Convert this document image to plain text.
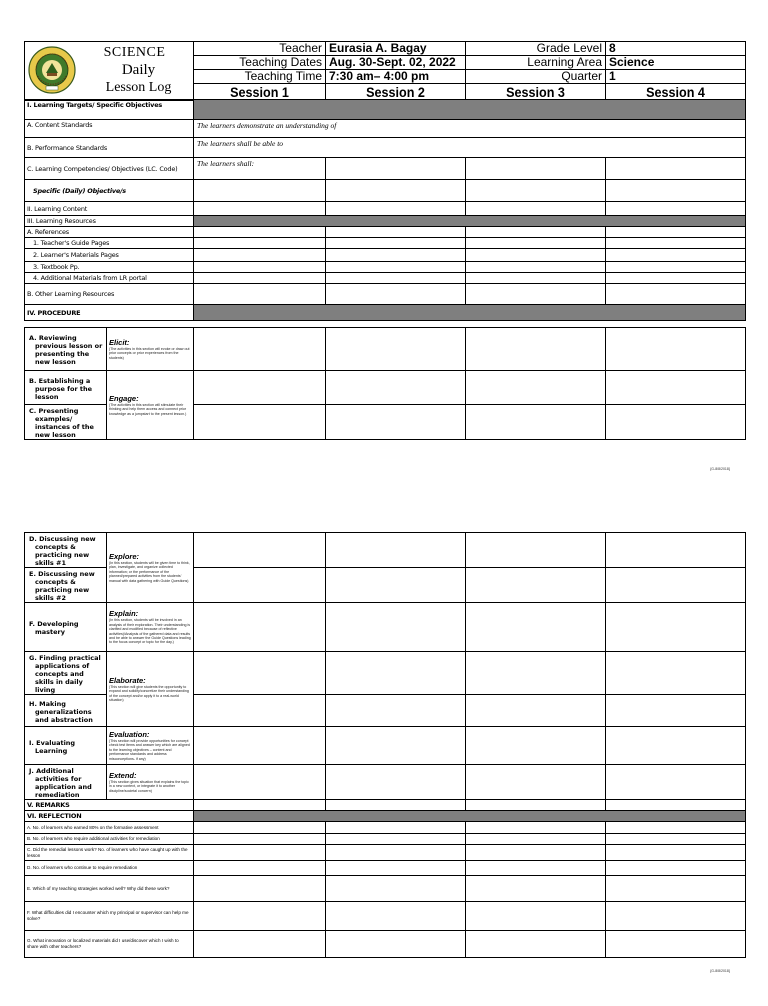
SCIENCE
Daily
Lesson Log	Teacher	Eurasia A. Bagay	Grade Level	8
	Teaching Dates	Aug. 30-Sept. 02, 2022	Learning Area	Science
	Teaching Time	7:30 am– 4:00 pm	Quarter	1

	Session 1	Session 2	Session 3	Session 4
I. Learning Targets/ Specific Objectives				
A. Content Standards	The learners demonstrate an understanding of			
B. Performance Standards	The learners shall be able to			
C. Learning Competencies/ Objectives (LC. Code)	The learners shall:			
Specific (Daily) Objective/s				
II. Learning Content				
III. Learning Resources				
A. References				
1. Teacher's Guide Pages				
2. Learner's Materials Pages				
3. Textbook Pp.				
4. Additional Materials from LR portal				
B. Other Learning Resources				
IV. PROCEDURE				
A. Reviewing previous lesson or presenting the new lesson	Elicit:
(The activities in this section will evoke or draw out prior concepts or prior experiences from the students)				

B. Establishing a purpose for the lesson	Engage:
(The activities in this section will stimulate their thinking and help them access and connect prior knowledge as a jumpstart to the present lesson.)				

C. Presenting examples/ instances of the new lesson					

{G-8/8/2018}
D. Discussing new concepts & practicing new skills #1	Explore:
(In this section, students will be given time to think, plan, investigate, and organize collected information; or the performance of the planned/prepared activities from the students' manual with data gathering with Guide Questions)				

E. Discussing new concepts & practicing new skills #2					

F. Developing mastery	Explain:
(In this section, students will be involved in an analysis of their exploration. Their understanding is clarified and modified because of reflective activities)/Analysis of the gathered data and results and be able to answer the Guide Questions leading to the focus concept or topic for the day.)				

G. Finding practical applications of concepts and skills in daily living	Elaborate:
(This section will give students the opportunity to expand and solidify/concretize their understanding of the concept and/or apply it to a real-world situation)				

H. Making generalizations and abstraction					

I. Evaluating Learning	Evaluation:
(This section will provide opportunities for concept check test items and answer key which are aligned to the learning objectives – content and performance standards and address misconceptions- if any)				

J. Additional activities for application and remediation	Extend:
(This section gives situation that explains the topic in a new context, or integrate it to another discipline/societal concern)				

V. REMARKS					
VI. REFLECTION					
A. No. of learners who earned 80% on the formative assessment					
B. No. of learners who require additional activities for remediation					
C. Did the remedial lessons work? No. of learners who have caught up with the lesson					
D. No. of learners who continue to require remediation					
E. Which of my teaching strategies worked well? Why did these work?					
F. What difficulties did I encounter which my principal or supervisor can help me solve?					
G. What innovation or localized materials did I use/discover which I wish to share with other teachers?					
{G-8/8/2018}
